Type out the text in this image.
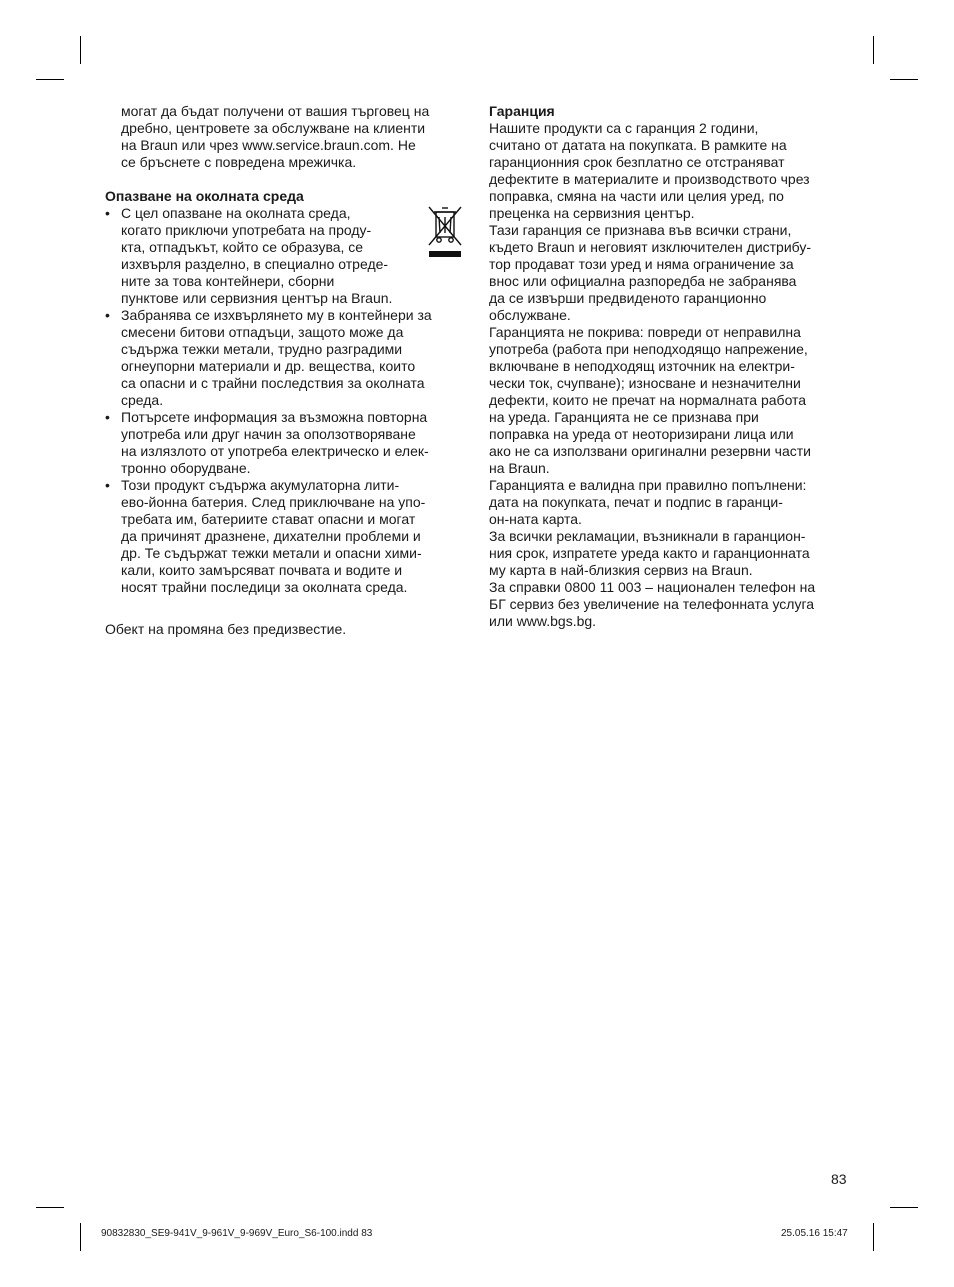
могат да бъдат получени от вашия търговец на
дребно, центровете за обслужване на клиенти
на Braun или чрез www.service.braun.com. Не
се бръснете с повредена мрежичка.
Опазване на околната среда
• С цел опазване на околната среда,
когато приключи употребата на проду-
кта, отпадъкът, който се образува, се
изхвърля разделно, в специално отреде-
ните за това контейнери, сборни
пунктове или сервизния център на Braun.
• Забранява се изхвърлянето му в контейнери за
смесени битови отпадъци, защото може да
съдържа тежки метали, трудно разградими
огнеупорни материали и др. вещества, които
са опасни и с трайни последствия за околната
среда.
• Потърсете информация за възможна повторна
употреба или друг начин за оползотворяване
на излязлото от употреба електрическо и елек-
тронно оборудване.
• Този продукт съдържа акумулаторна лити-
ево-йонна батерия. След приключване на упо-
требата им, батериите стават опасни и могат
да причинят дразнене, дихателни проблеми и
др. Те съдържат тежки метали и опасни хими-
кали, които замърсяват почвата и водите и
носят трайни последици за околната среда.
Обект на промяна без предизвестие.
Гаранция
Нашите продукти са с гаранция 2 години,
считано от датата на покупката. В рамките на
гаранционния срок безплатно се отстраняват
дефектите в материалите и производството чрез
поправка, смяна на части или целия уред, по
преценка на сервизния център.
Тази гаранция се признава във всички страни,
където Braun и неговият изключителен дистрибу-
тор продават този уред и няма ограничение за
внос или официална разпоредба не забранява
да се извърши предвиденото гаранционно
обслужване.
Гаранцията не покрива: повреди от неправилна
употреба (работа при неподходящо напрежение,
включване в неподходящ източник на електри-
чески ток, счупване); износване и незначителни
дефекти, които не пречат на нормалната работа
на уреда. Гаранцията не се признава при
поправка на уреда от неоторизирани лица или
ако не са използвани оригинални резервни части
на Braun.
Гаранцията е валидна при правилно попълнени:
дата на покупката, печат и подпис в гаранци-
он-ната карта.
За всички рекламации, възникнали в гаранцион-
ния срок, изпратете уреда както и гаранционната
му карта в най-близкия сервиз на Braun.
За справки 0800 11 003 – национален телефон на
БГ сервиз без увеличение на телефонната услуга
или www.bgs.bg.
83
90832830_SE9-941V_9-961V_9-969V_Euro_S6-100.indd 83	25.05.16 15:47
